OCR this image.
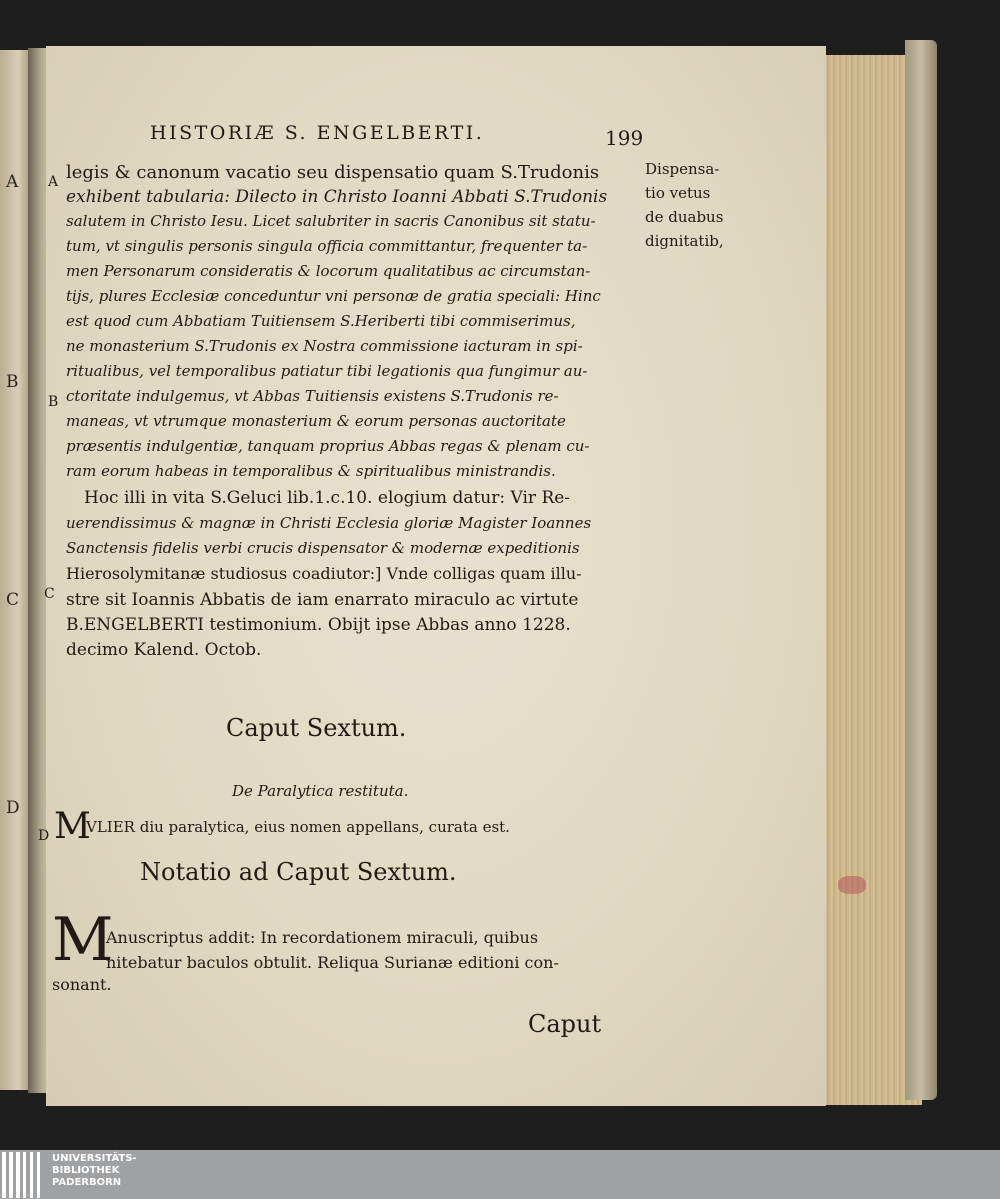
A
B
C
D
HISTORIÆ S. ENGELBERTI.	199
Dispensa-
tio vetus
de duabus
dignitatib,
A
B
C
D
legis & canonum vacatio seu dispensatio quam S.Trudonis
exhibent tabularia: Dilecto in Christo Ioanni Abbati S.Trudonis
salutem in Christo Iesu. Licet salubriter in sacris Canonibus sit statu-
tum, vt singulis personis singula officia committantur, frequenter ta-
men Personarum consideratis & locorum qualitatibus ac circumstan-
tijs, plures Ecclesiæ conceduntur vni personæ de gratia speciali: Hinc
est quod cum Abbatiam Tuitiensem S.Heriberti tibi commiserimus,
ne monasterium S.Trudonis ex Nostra commissione iacturam in spi-
ritualibus, vel temporalibus patiatur tibi legationis qua fungimur au-
ctoritate indulgemus, vt Abbas Tuitiensis existens S.Trudonis re-
maneas, vt vtrumque monasterium & eorum personas auctoritate
præsentis indulgentiæ, tanquam proprius Abbas regas & plenam cu-
ram eorum habeas in temporalibus & spiritualibus ministrandis.
Hoc illi in vita S.Geluci lib.1.c.10. elogium datur: Vir Re-
uerendissimus & magnæ in Christi Ecclesia gloriæ Magister Ioannes
Sanctensis fidelis verbi crucis dispensator & modernæ expeditionis
Hierosolymitanæ studiosus coadiutor:] Vnde colligas quam illu-
stre sit Ioannis Abbatis de iam enarrato miraculo ac virtute
B.ENGELBERTI testimonium. Obijt ipse Abbas anno 1228.
decimo Kalend. Octob.
Caput Sextum.
De Paralytica restituta.
M
VLIER diu paralytica, eius nomen appellans, curata est.
Notatio ad Caput Sextum.
M
Anuscriptus addit: In recordationem miraculi, quibus
nitebatur baculos obtulit. Reliqua Surianæ editioni con-
sonant.
Caput
UNIVERSITÄTS-
BIBLIOTHEK
PADERBORN
